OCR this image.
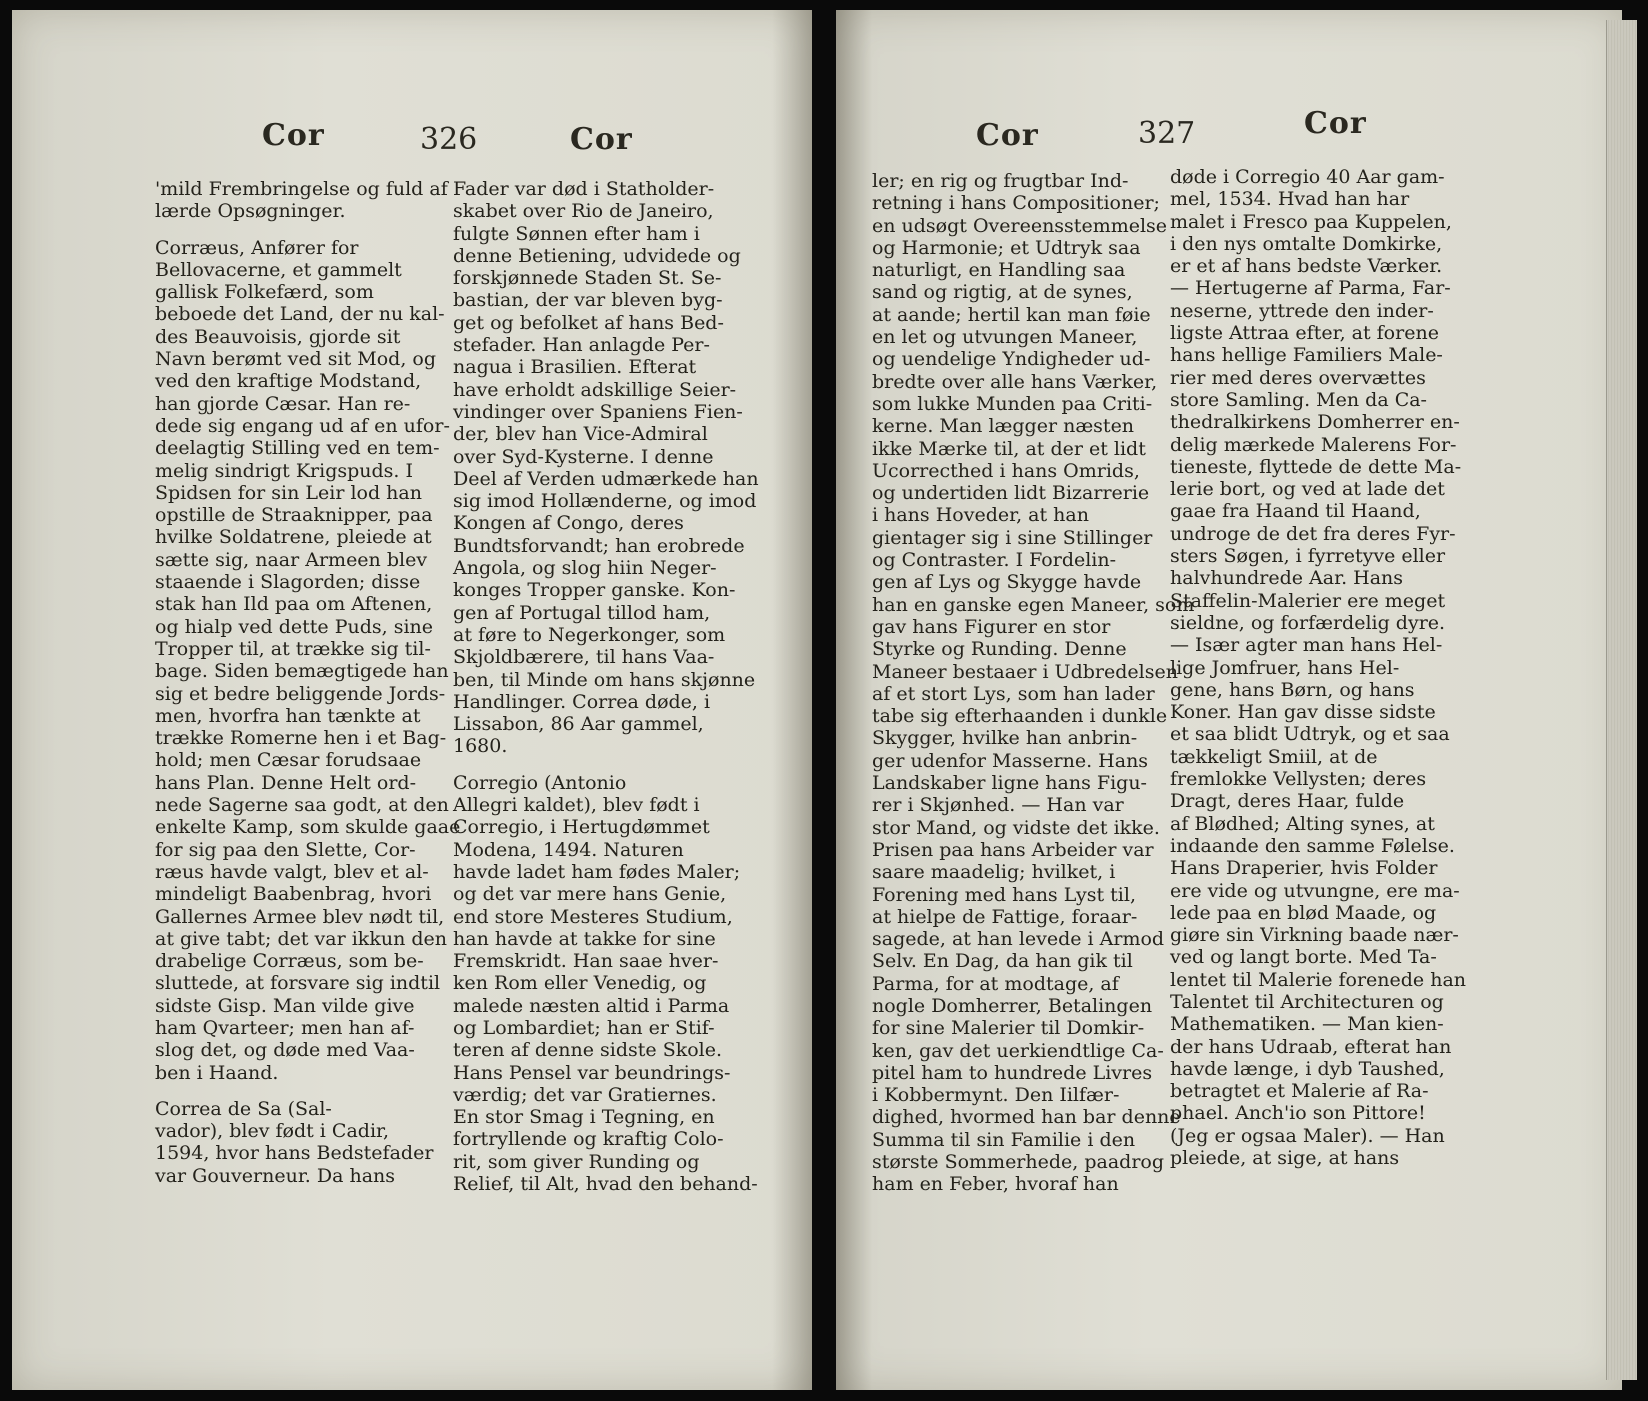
Cor	326	Cor
'mild Frembringelse og fuld af
lærde Opsøgninger.
Corræus, Anfører for
Bellovacerne, et gammelt
gallisk Folkefærd, som
beboede det Land, der nu kal-
des Beauvoisis, gjorde sit
Navn berømt ved sit Mod, og
ved den kraftige Modstand,
han gjorde Cæsar. Han re-
dede sig engang ud af en ufor-
deelagtig Stilling ved en tem-
melig sindrigt Krigspuds. I
Spidsen for sin Leir lod han
opstille de Straaknipper, paa
hvilke Soldatrene, pleiede at
sætte sig, naar Armeen blev
staaende i Slagorden; disse
stak han Ild paa om Aftenen,
og hialp ved dette Puds, sine
Tropper til, at trække sig til-
bage. Siden bemægtigede han
sig et bedre beliggende Jords-
men, hvorfra han tænkte at
trække Romerne hen i et Bag-
hold; men Cæsar forudsaae
hans Plan. Denne Helt ord-
nede Sagerne saa godt, at den
enkelte Kamp, som skulde gaae
for sig paa den Slette, Cor-
ræus havde valgt, blev et al-
mindeligt Baabenbrag, hvori
Gallernes Armee blev nødt til,
at give tabt; det var ikkun den
drabelige Corræus, som be-
sluttede, at forsvare sig indtil
sidste Gisp. Man vilde give
ham Qvarteer; men han af-
slog det, og døde med Vaa-
ben i Haand.
Correa de Sa (Sal-
vador), blev født i Cadir,
1594, hvor hans Bedstefader
var Gouverneur. Da hans
Fader var død i Statholder-
skabet over Rio de Janeiro,
fulgte Sønnen efter ham i
denne Betiening, udvidede og
forskjønnede Staden St. Se-
bastian, der var bleven byg-
get og befolket af hans Bed-
stefader. Han anlagde Per-
nagua i Brasilien. Efterat
have erholdt adskillige Seier-
vindinger over Spaniens Fien-
der, blev han Vice-Admiral
over Syd-Kysterne. I denne
Deel af Verden udmærkede han
sig imod Hollænderne, og imod
Kongen af Congo, deres
Bundtsforvandt; han erobrede
Angola, og slog hiin Neger-
konges Tropper ganske. Kon-
gen af Portugal tillod ham,
at føre to Negerkonger, som
Skjoldbærere, til hans Vaa-
ben, til Minde om hans skjønne
Handlinger. Correa døde, i
Lissabon, 86 Aar gammel,
1680.
Corregio (Antonio
Allegri kaldet), blev født i
Corregio, i Hertugdømmet
Modena, 1494. Naturen
havde ladet ham fødes Maler;
og det var mere hans Genie,
end store Mesteres Studium,
han havde at takke for sine
Fremskridt. Han saae hver-
ken Rom eller Venedig, og
malede næsten altid i Parma
og Lombardiet; han er Stif-
teren af denne sidste Skole.
Hans Pensel var beundrings-
værdig; det var Gratiernes.
En stor Smag i Tegning, en
fortryllende og kraftig Colo-
rit, som giver Runding og
Relief, til Alt, hvad den behand-
Cor	327	Cor
ler; en rig og frugtbar Ind-
retning i hans Compositioner;
en udsøgt Overeensstemmelse
og Harmonie; et Udtryk saa
naturligt, en Handling saa
sand og rigtig, at de synes,
at aande; hertil kan man føie
en let og utvungen Maneer,
og uendelige Yndigheder ud-
bredte over alle hans Værker,
som lukke Munden paa Criti-
kerne. Man lægger næsten
ikke Mærke til, at der et lidt
Ucorrecthed i hans Omrids,
og undertiden lidt Bizarrerie
i hans Hoveder, at han
gientager sig i sine Stillinger
og Contraster. I Fordelin-
gen af Lys og Skygge havde
han en ganske egen Maneer, som
gav hans Figurer en stor
Styrke og Runding. Denne
Maneer bestaaer i Udbredelsen
af et stort Lys, som han lader
tabe sig efterhaanden i dunkle
Skygger, hvilke han anbrin-
ger udenfor Masserne. Hans
Landskaber ligne hans Figu-
rer i Skjønhed. — Han var
stor Mand, og vidste det ikke.
Prisen paa hans Arbeider var
saare maadelig; hvilket, i
Forening med hans Lyst til,
at hielpe de Fattige, foraar-
sagede, at han levede i Armod
Selv. En Dag, da han gik til
Parma, for at modtage, af
nogle Domherrer, Betalingen
for sine Malerier til Domkir-
ken, gav det uerkiendtlige Ca-
pitel ham to hundrede Livres
i Kobbermynt. Den Iilfær-
dighed, hvormed han bar denne
Summa til sin Familie i den
største Sommerhede, paadrog
ham en Feber, hvoraf han
døde i Corregio 40 Aar gam-
mel, 1534. Hvad han har
malet i Fresco paa Kuppelen,
i den nys omtalte Domkirke,
er et af hans bedste Værker.
— Hertugerne af Parma, Far-
neserne, yttrede den inder-
ligste Attraa efter, at forene
hans hellige Familiers Male-
rier med deres overvættes
store Samling. Men da Ca-
thedralkirkens Domherrer en-
delig mærkede Malerens For-
tieneste, flyttede de dette Ma-
lerie bort, og ved at lade det
gaae fra Haand til Haand,
undroge de det fra deres Fyr-
sters Søgen, i fyrretyve eller
halvhundrede Aar. Hans
Staffelin-Malerier ere meget
sieldne, og forfærdelig dyre.
— Især agter man hans Hel-
lige Jomfruer, hans Hel-
gene, hans Børn, og hans
Koner. Han gav disse sidste
et saa blidt Udtryk, og et saa
tækkeligt Smiil, at de
fremlokke Vellysten; deres
Dragt, deres Haar, fulde
af Blødhed; Alting synes, at
indaande den samme Følelse.
Hans Draperier, hvis Folder
ere vide og utvungne, ere ma-
lede paa en blød Maade, og
giøre sin Virkning baade nær-
ved og langt borte. Med Ta-
lentet til Malerie forenede han
Talentet til Architecturen og
Mathematiken. — Man kien-
der hans Udraab, efterat han
havde længe, i dyb Taushed,
betragtet et Malerie af Ra-
phael. Anch'io son Pittore!
(Jeg er ogsaa Maler). — Han
pleiede, at sige, at hans
